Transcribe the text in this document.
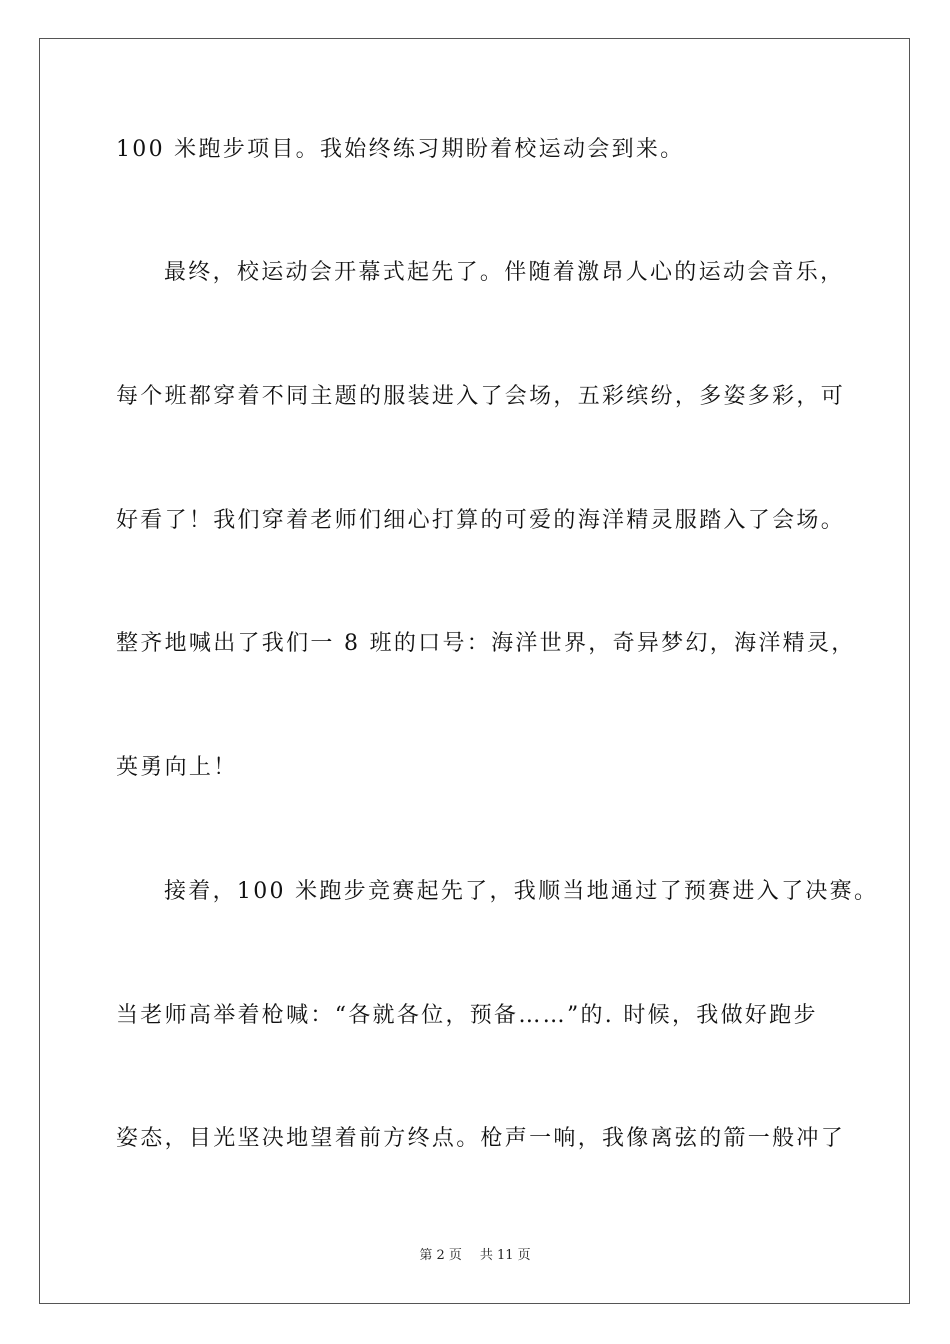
100 米跑步项目。我始终练习期盼着校运动会到来。
最终，校运动会开幕式起先了。伴随着激昂人心的运动会音乐，
每个班都穿着不同主题的服装进入了会场，五彩缤纷，多姿多彩，可
好看了！我们穿着老师们细心打算的可爱的海洋精灵服踏入了会场。
整齐地喊出了我们一 8 班的口号：海洋世界，奇异梦幻，海洋精灵，
英勇向上！
接着，100 米跑步竞赛起先了，我顺当地通过了预赛进入了决赛。
当老师高举着枪喊：“各就各位，预备……”的. 时候，我做好跑步
姿态，目光坚决地望着前方终点。枪声一响，我像离弦的箭一般冲了
第 2 页 共 11 页
